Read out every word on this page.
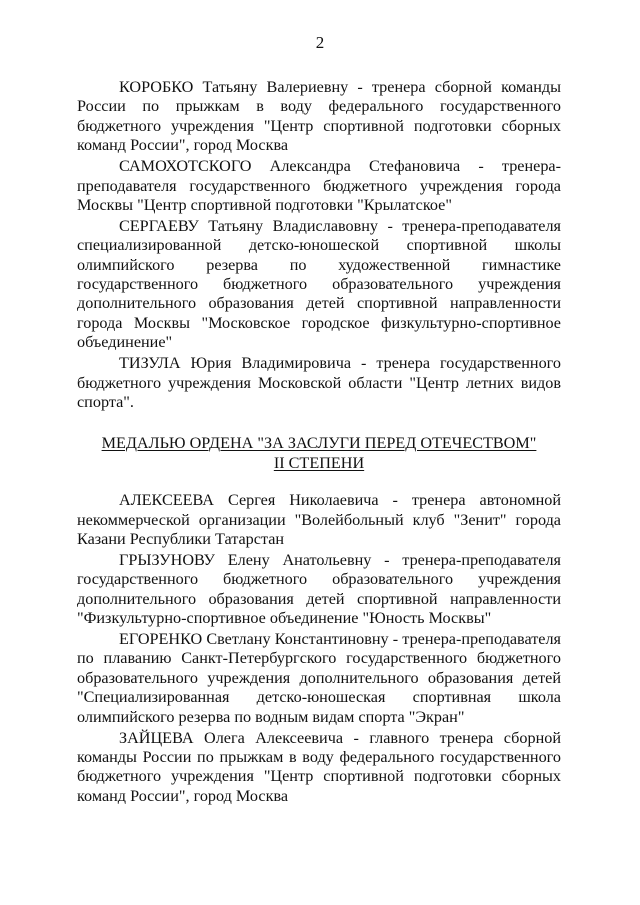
2

КОРОБКО Татьяну Валериевну - тренера сборной команды России по прыжкам в воду федерального государственного бюджетного учреждения "Центр спортивной подготовки сборных команд России", город Москва

САМОХОТСКОГО Александра Стефановича - тренера-преподавателя государственного бюджетного учреждения города Москвы "Центр спортивной подготовки "Крылатское"

СЕРГАЕВУ Татьяну Владиславовну - тренера-преподавателя специализированной детско-юношеской спортивной школы олимпийского резерва по художественной гимнастике государственного бюджетного образовательного учреждения дополнительного образования детей спортивной направленности города Москвы "Московское городское физкультурно-спортивное объединение"

ТИЗУЛА Юрия Владимировича - тренера государственного бюджетного учреждения Московской области "Центр летних видов спорта".

МЕДАЛЬЮ ОРДЕНА "ЗА ЗАСЛУГИ ПЕРЕД ОТЕЧЕСТВОМ"
II СТЕПЕНИ

АЛЕКСЕЕВА Сергея Николаевича - тренера автономной некоммерческой организации "Волейбольный клуб "Зенит" города Казани Республики Татарстан

ГРЫЗУНОВУ Елену Анатольевну - тренера-преподавателя государственного бюджетного образовательного учреждения дополнительного образования детей спортивной направленности "Физкультурно-спортивное объединение "Юность Москвы"

ЕГОРЕНКО Светлану Константиновну - тренера-преподавателя по плаванию Санкт-Петербургского государственного бюджетного образовательного учреждения дополнительного образования детей "Специализированная детско-юношеская спортивная школа олимпийского резерва по водным видам спорта "Экран"

ЗАЙЦЕВА Олега Алексеевича - главного тренера сборной команды России по прыжкам в воду федерального государственного бюджетного учреждения "Центр спортивной подготовки сборных команд России", город Москва
